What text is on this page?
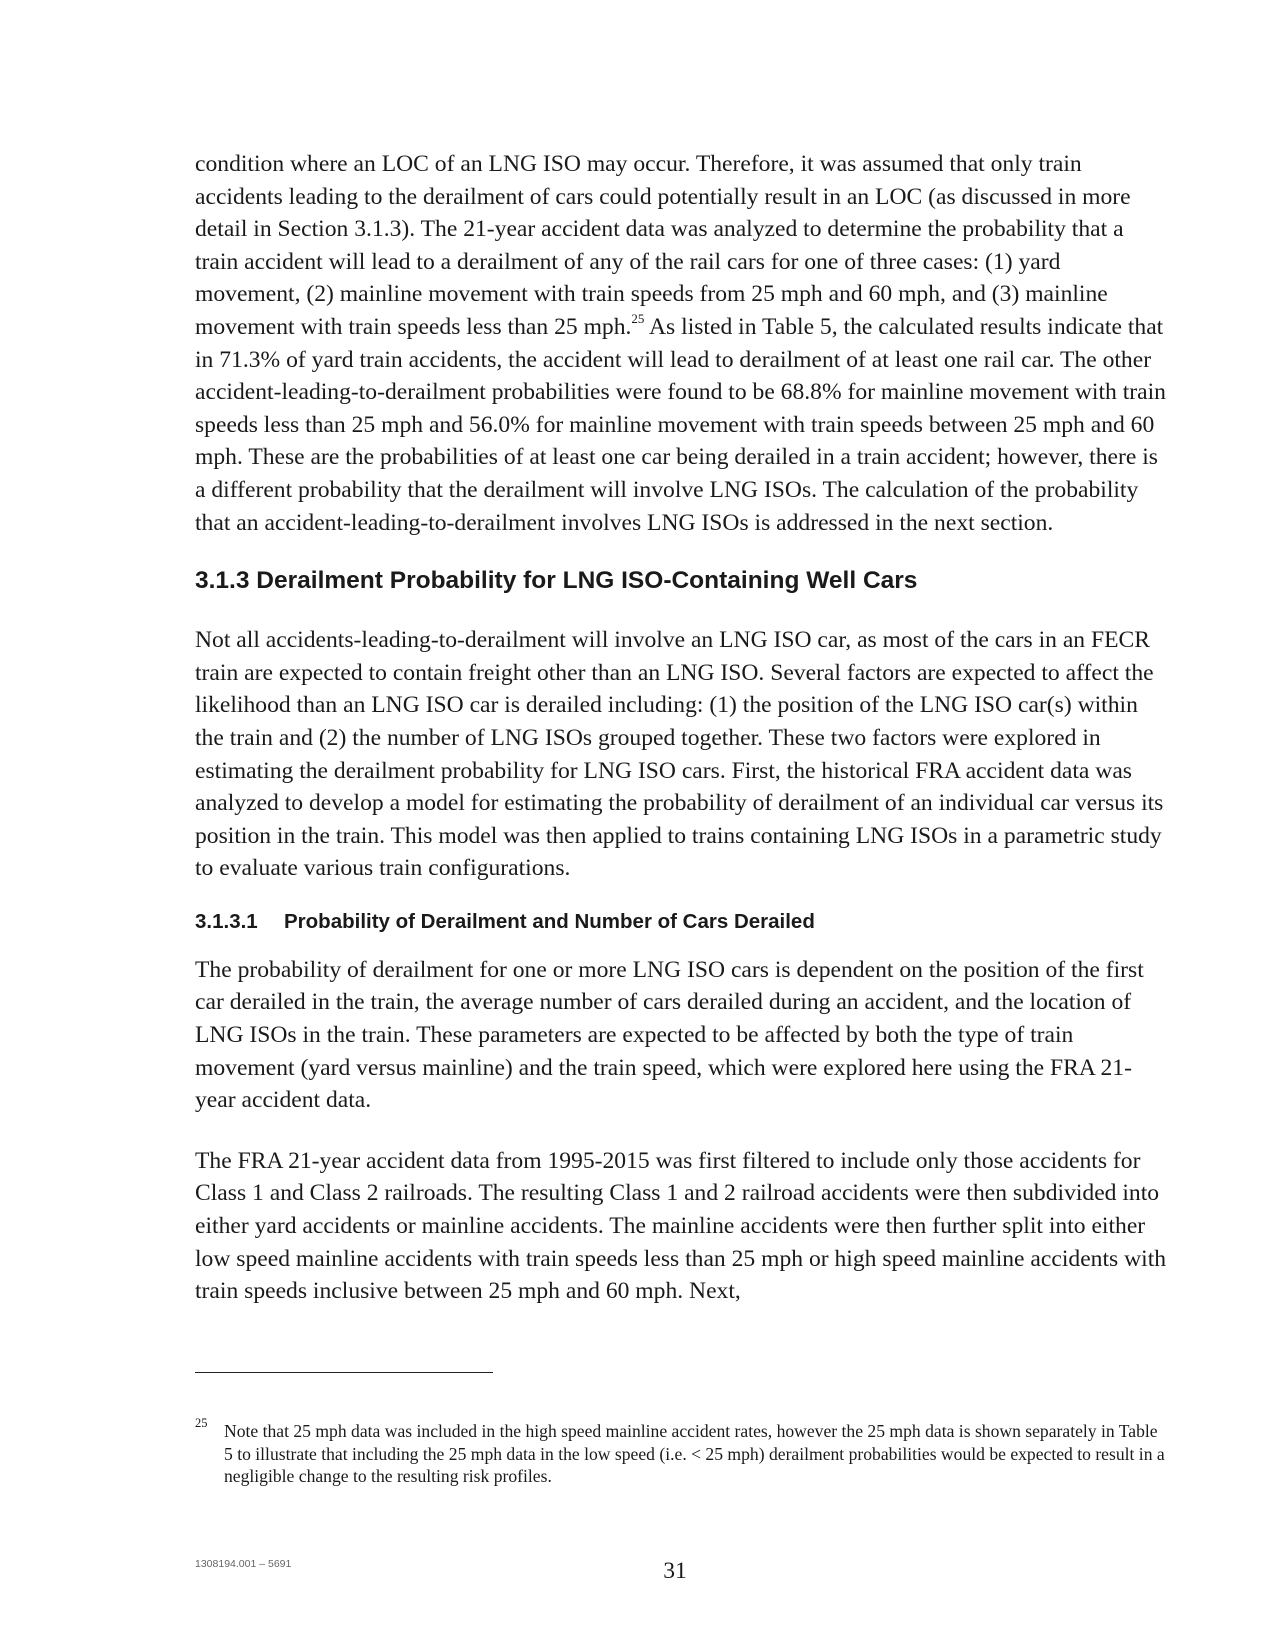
condition where an LOC of an LNG ISO may occur. Therefore, it was assumed that only train accidents leading to the derailment of cars could potentially result in an LOC (as discussed in more detail in Section 3.1.3). The 21-year accident data was analyzed to determine the probability that a train accident will lead to a derailment of any of the rail cars for one of three cases: (1) yard movement, (2) mainline movement with train speeds from 25 mph and 60 mph, and (3) mainline movement with train speeds less than 25 mph.$^{25}$ As listed in Table 5, the calculated results indicate that in 71.3% of yard train accidents, the accident will lead to derailment of at least one rail car. The other accident-leading-to-derailment probabilities were found to be 68.8% for mainline movement with train speeds less than 25 mph and 56.0% for mainline movement with train speeds between 25 mph and 60 mph. These are the probabilities of at least one car being derailed in a train accident; however, there is a different probability that the derailment will involve LNG ISOs. The calculation of the probability that an accident-leading-to-derailment involves LNG ISOs is addressed in the next section.

3.1.3 Derailment Probability for LNG ISO-Containing Well Cars

Not all accidents-leading-to-derailment will involve an LNG ISO car, as most of the cars in an FECR train are expected to contain freight other than an LNG ISO. Several factors are expected to affect the likelihood than an LNG ISO car is derailed including: (1) the position of the LNG ISO car(s) within the train and (2) the number of LNG ISOs grouped together. These two factors were explored in estimating the derailment probability for LNG ISO cars. First, the historical FRA accident data was analyzed to develop a model for estimating the probability of derailment of an individual car versus its position in the train. This model was then applied to trains containing LNG ISOs in a parametric study to evaluate various train configurations.

3.1.3.1 Probability of Derailment and Number of Cars Derailed

The probability of derailment for one or more LNG ISO cars is dependent on the position of the first car derailed in the train, the average number of cars derailed during an accident, and the location of LNG ISOs in the train. These parameters are expected to be affected by both the type of train movement (yard versus mainline) and the train speed, which were explored here using the FRA 21-year accident data.

The FRA 21-year accident data from 1995-2015 was first filtered to include only those accidents for Class 1 and Class 2 railroads. The resulting Class 1 and 2 railroad accidents were then subdivided into either yard accidents or mainline accidents. The mainline accidents were then further split into either low speed mainline accidents with train speeds less than 25 mph or high speed mainline accidents with train speeds inclusive between 25 mph and 60 mph. Next,

25 Note that 25 mph data was included in the high speed mainline accident rates, however the 25 mph data is shown separately in Table 5 to illustrate that including the 25 mph data in the low speed (i.e. < 25 mph) derailment probabilities would be expected to result in a negligible change to the resulting risk profiles.
1308194.001 – 5691	31
